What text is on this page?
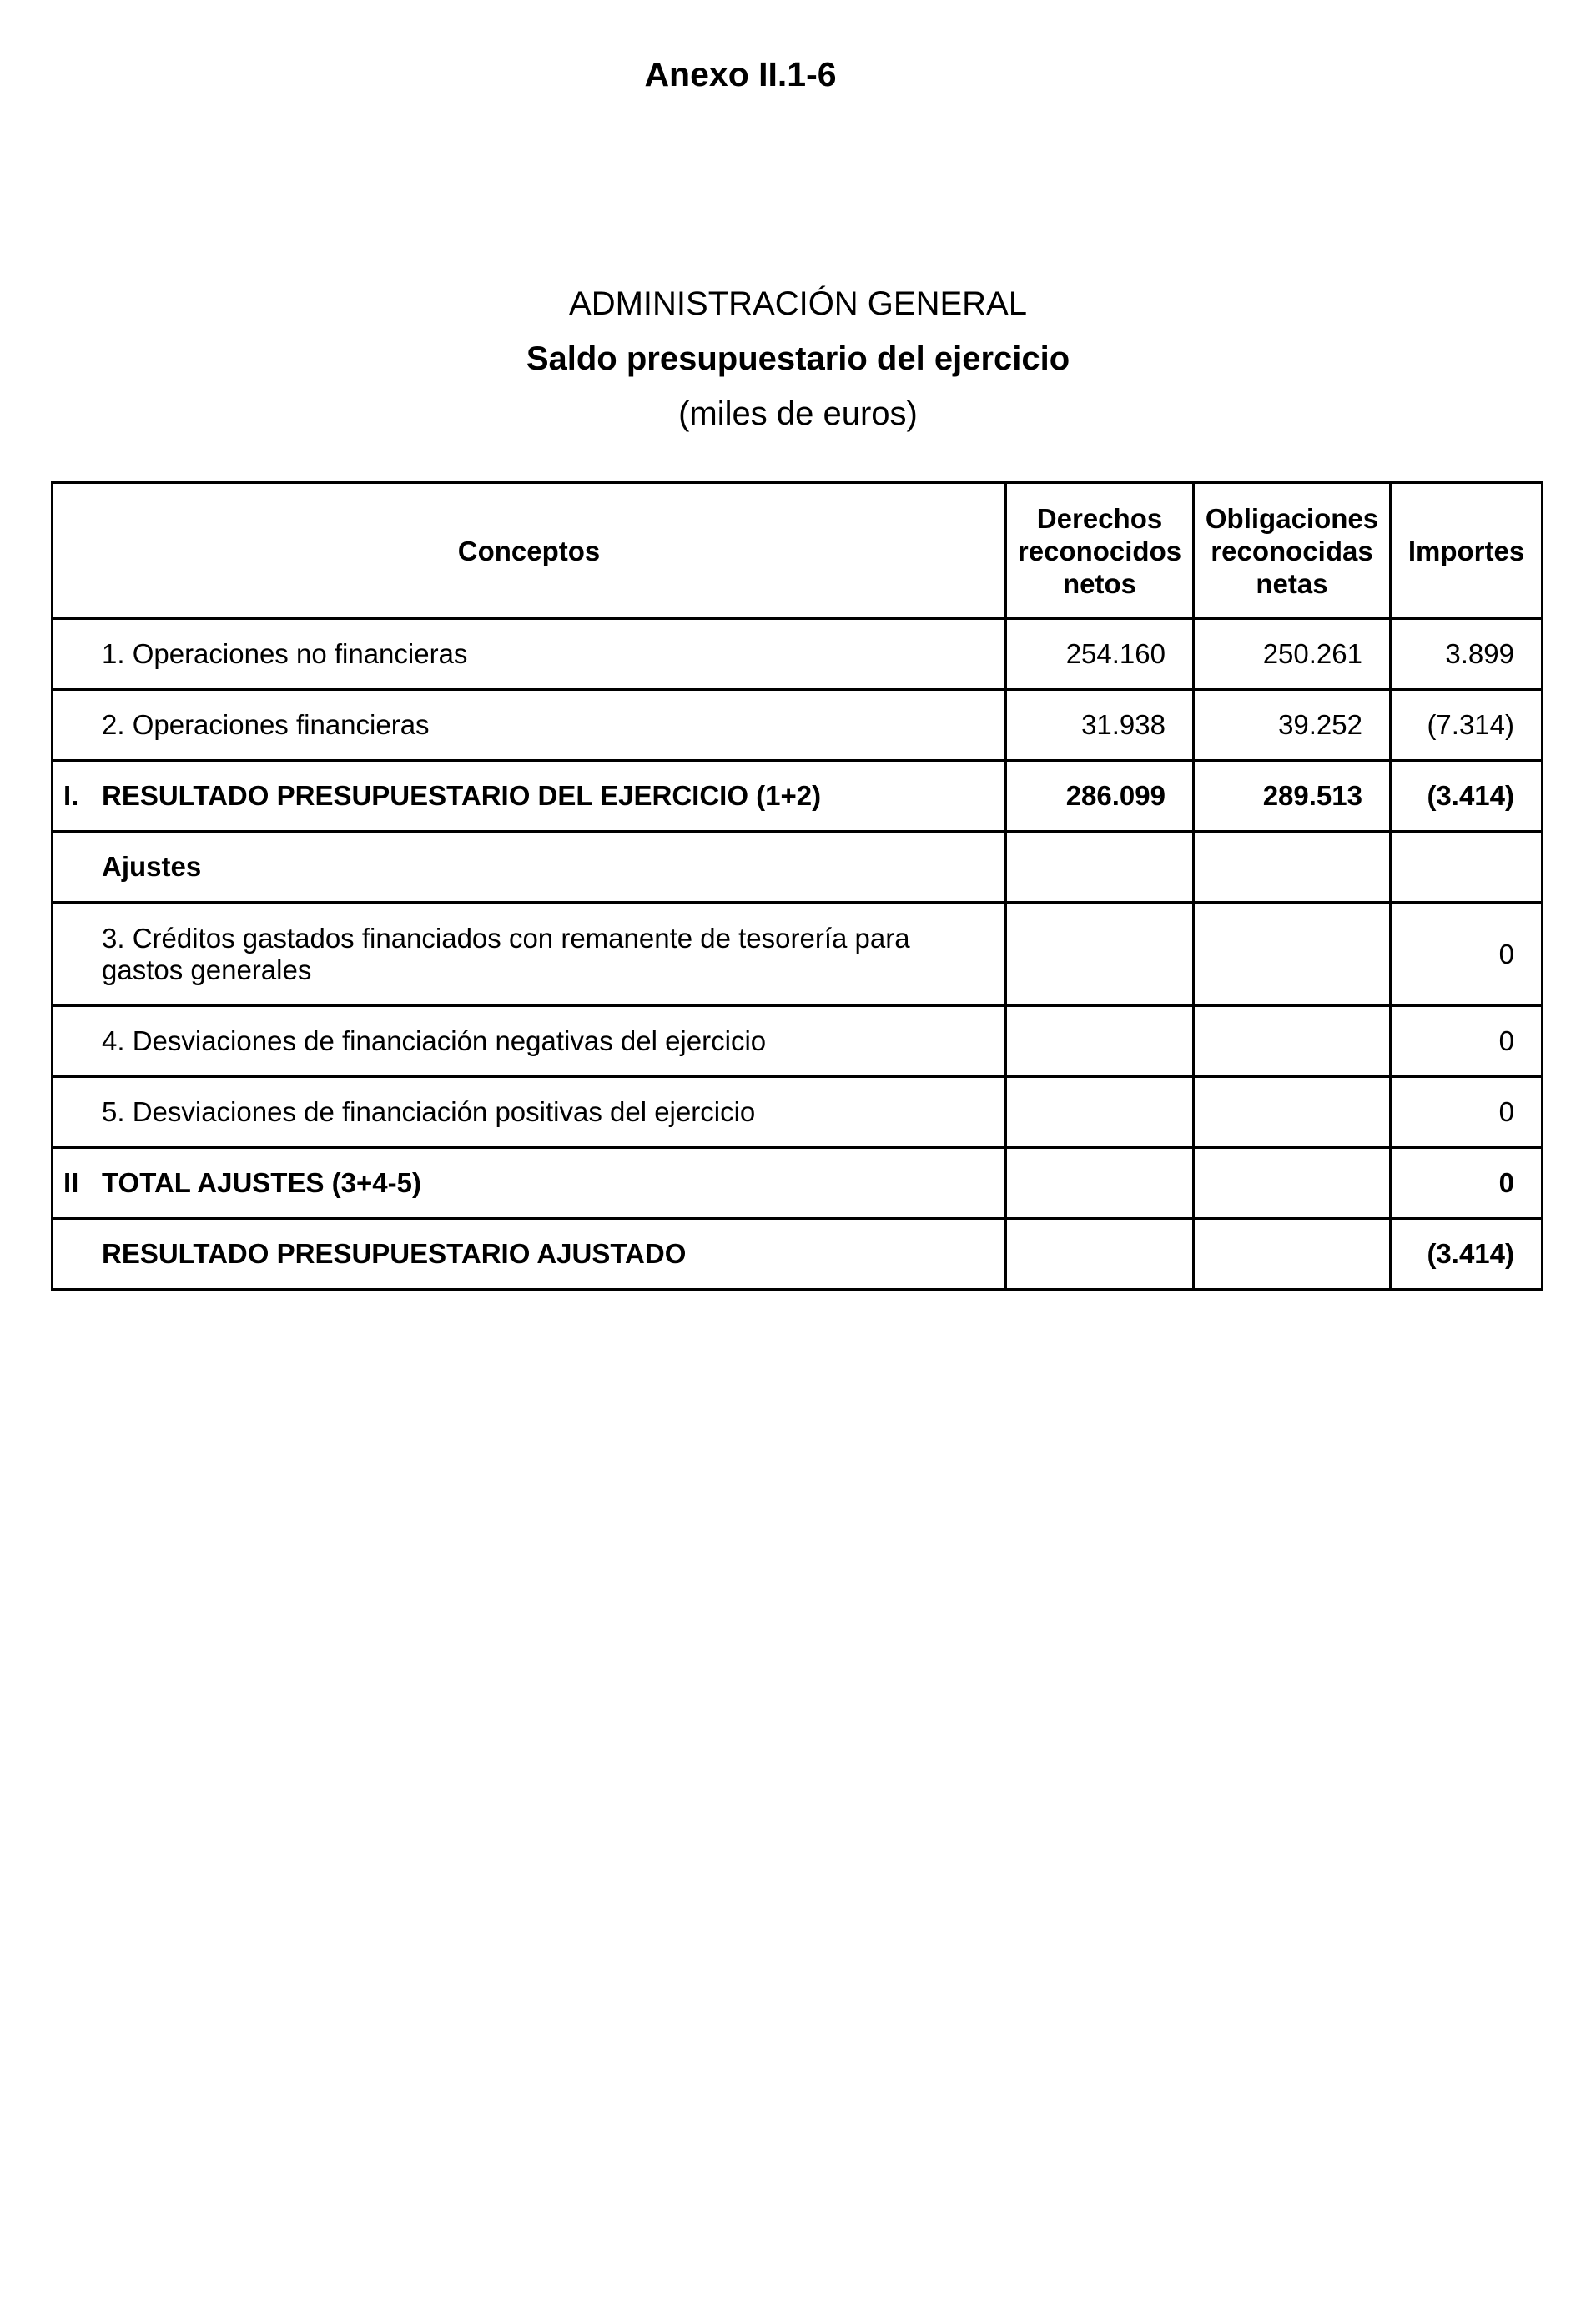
Anexo II.1-6
ADMINISTRACIÓN GENERAL
Saldo presupuestario del ejercicio
(miles de euros)
Conceptos	Derechos reconocidos netos	Obligaciones reconocidas netas	Importes

1. Operaciones no financieras	254.160	250.261	3.899

2. Operaciones financieras	31.938	39.252	(7.314)

I. RESULTADO PRESUPUESTARIO DEL EJERCICIO (1+2)	286.099	289.513	(3.414)

Ajustes			

3. Créditos gastados financiados con remanente de tesorería para gastos generales			0

4. Desviaciones de financiación negativas del ejercicio			0

5. Desviaciones de financiación positivas del ejercicio			0

II TOTAL AJUSTES (3+4-5)			0

RESULTADO PRESUPUESTARIO AJUSTADO			(3.414)
